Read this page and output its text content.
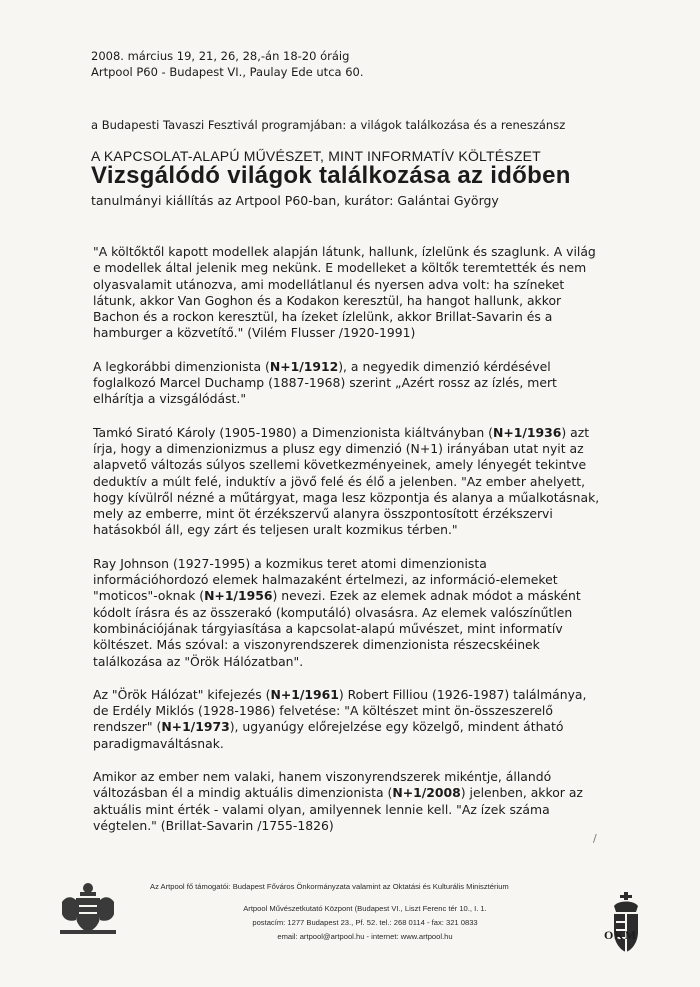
2008. március 19, 21, 26, 28,-án 18-20 óráig
Artpool P60 - Budapest VI., Paulay Ede utca 60.
a Budapesti Tavaszi Fesztivál programjában: a világok találkozása és a reneszánsz
A KAPCSOLAT-ALAPÚ MŰVÉSZET, MINT INFORMATÍV KÖLTÉSZET
Vizsgálódó világok találkozása az időben
tanulmányi kiállítás az Artpool P60-ban, kurátor: Galántai György

"A költőktől kapott modellek alapján látunk, hallunk, ízlelünk és szaglunk. A világ e modellek által jelenik meg nekünk. E modelleket a költők teremtették és nem olyasvalamit utánozva, ami modellátlanul és nyersen adva volt: ha színeket látunk, akkor Van Goghon és a Kodakon keresztül, ha hangot hallunk, akkor Bachon és a rockon keresztül, ha ízeket ízlelünk, akkor Brillat-Savarin és a hamburger a közvetítő." (Vilém Flusser /1920-1991)

A legkorábbi dimenzionista (N+1/1912), a negyedik dimenzió kérdésével foglalkozó Marcel Duchamp (1887-1968) szerint „Azért rossz az ízlés, mert elhárítja a vizsgálódást."

Tamkó Sirató Károly (1905-1980) a Dimenzionista kiáltványban (N+1/1936) azt írja, hogy a dimenzionizmus a plusz egy dimenzió (N+1) irányában utat nyit az alapvető változás súlyos szellemi következményeinek, amely lényegét tekintve deduktív a múlt felé, induktív a jövő felé és élő a jelenben. "Az ember ahelyett, hogy kívülről nézné a műtárgyat, maga lesz központja és alanya a műalkotásnak, mely az emberre, mint öt érzékszervű alanyra összpontosított érzékszervi hatásokból áll, egy zárt és teljesen uralt kozmikus térben."

Ray Johnson (1927-1995) a kozmikus teret atomi dimenzionista információhordozó elemek halmazaként értelmezi, az információ-elemeket "moticos"-oknak (N+1/1956) nevezi. Ezek az elemek adnak módot a másként kódolt írásra és az összerakó (komputáló) olvasásra. Az elemek valószínűtlen kombinációjának tárgyiasítása a kapcsolat-alapú művészet, mint informatív költészet. Más szóval: a viszonyrendszerek dimenzionista részecskéinek találkozása az "Örök Hálózatban".

Az "Örök Hálózat" kifejezés (N+1/1961) Robert Filliou (1926-1987) találmánya, de Erdély Miklós (1928-1986) felvetése: "A költészet mint ön-összeszerelő rendszer" (N+1/1973), ugyanúgy előrejelzése egy közelgő, mindent átható paradigmaváltásnak.

Amikor az ember nem valaki, hanem viszonyrendszerek mikéntje, állandó változásban él a mindig aktuális dimenzionista (N+1/2008) jelenben, akkor az aktuális mint érték - valami olyan, amilyennek lennie kell. "Az ízek száma végtelen." (Brillat-Savarin /1755-1826)

/
Az Artpool fő támogatói: Budapest Főváros Önkormányzata valamint az Oktatási és Kulturális Minisztérium
Artpool Művészetkutató Központ (Budapest VI., Liszt Ferenc tér 10., I. 1.
postacím: 1277 Budapest 23., Pf. 52. tel.: 268 0114 - fax: 321 0833
email: artpool@artpool.hu - internet: www.artpool.hu	OKM
